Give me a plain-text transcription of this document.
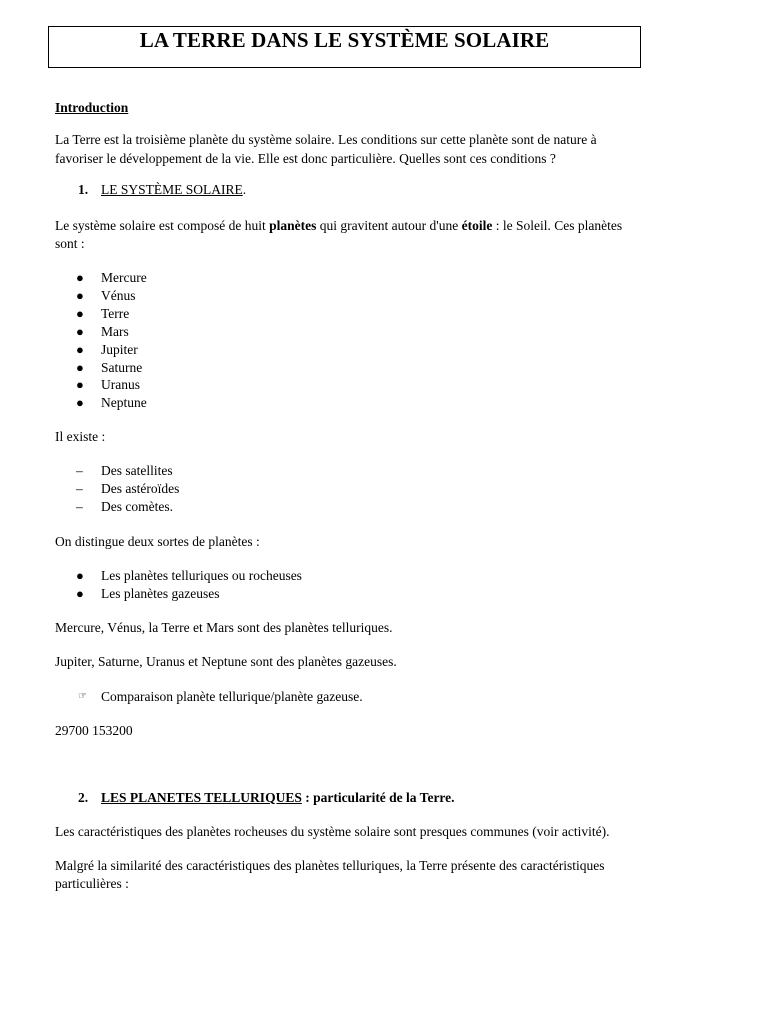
LA TERRE DANS LE SYSTÈME SOLAIRE
Introduction
La Terre est la troisième planète du système solaire. Les conditions sur cette planète sont de nature à
favoriser le développement de la vie. Elle est donc particulière. Quelles sont ces conditions ?
1. LE SYSTÈME SOLAIRE.
Le système solaire est composé de huit planètes qui gravitent autour d'une étoile : le Soleil. Ces planètes
sont :
● Mercure
● Vénus
● Terre
● Mars
● Jupiter
● Saturne
● Uranus
● Neptune
Il existe :
– Des satellites
– Des astéroïdes
– Des comètes.
On distingue deux sortes de planètes :
● Les planètes telluriques ou rocheuses
● Les planètes gazeuses
Mercure, Vénus, la Terre et Mars sont des planètes telluriques.
Jupiter, Saturne, Uranus et Neptune sont des planètes gazeuses.
☞ Comparaison planète tellurique/planète gazeuse.
29700 153200
2. LES PLANETES TELLURIQUES : particularité de la Terre.
Les caractéristiques des planètes rocheuses du système solaire sont presques communes (voir activité).
Malgré la similarité des caractéristiques des planètes telluriques, la Terre présente des caractéristiques
particulières :
